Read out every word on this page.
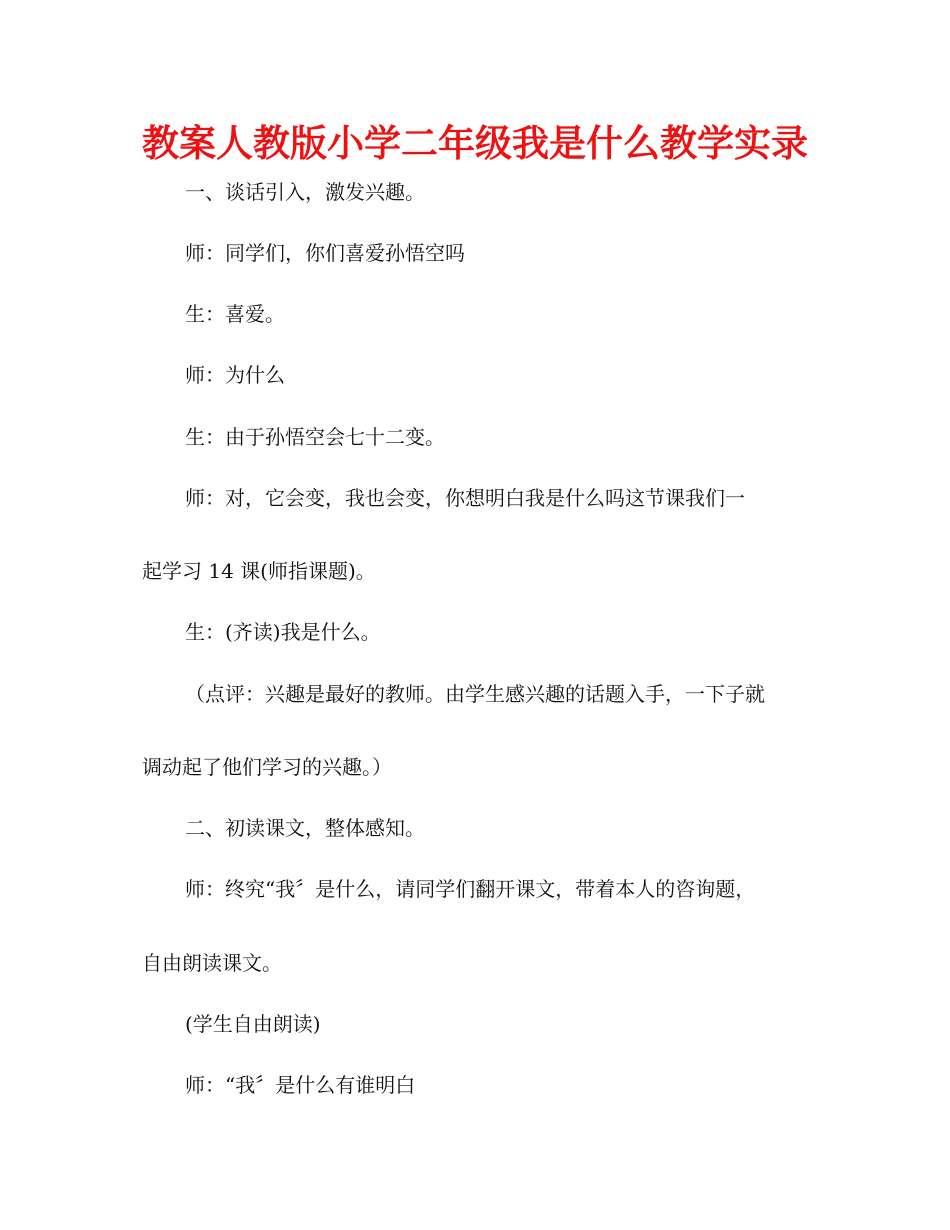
教案人教版小学二年级我是什么教学实录

一、谈话引入，激发兴趣。

师：同学们，你们喜爱孙悟空吗

生：喜爱。

师：为什么

生：由于孙悟空会七十二变。

师：对，它会变，我也会变，你想明白我是什么吗这节课我们一

起学习 14 课(师指课题)。

生：(齐读)我是什么。

（点评：兴趣是最好的教师。由学生感兴趣的话题入手，一下子就

调动起了他们学习的兴趣。）

二、初读课文，整体感知。

师：终究“我〞是什么，请同学们翻开课文，带着本人的咨询题，

自由朗读课文。

(学生自由朗读)

师：“我〞是什么有谁明白
